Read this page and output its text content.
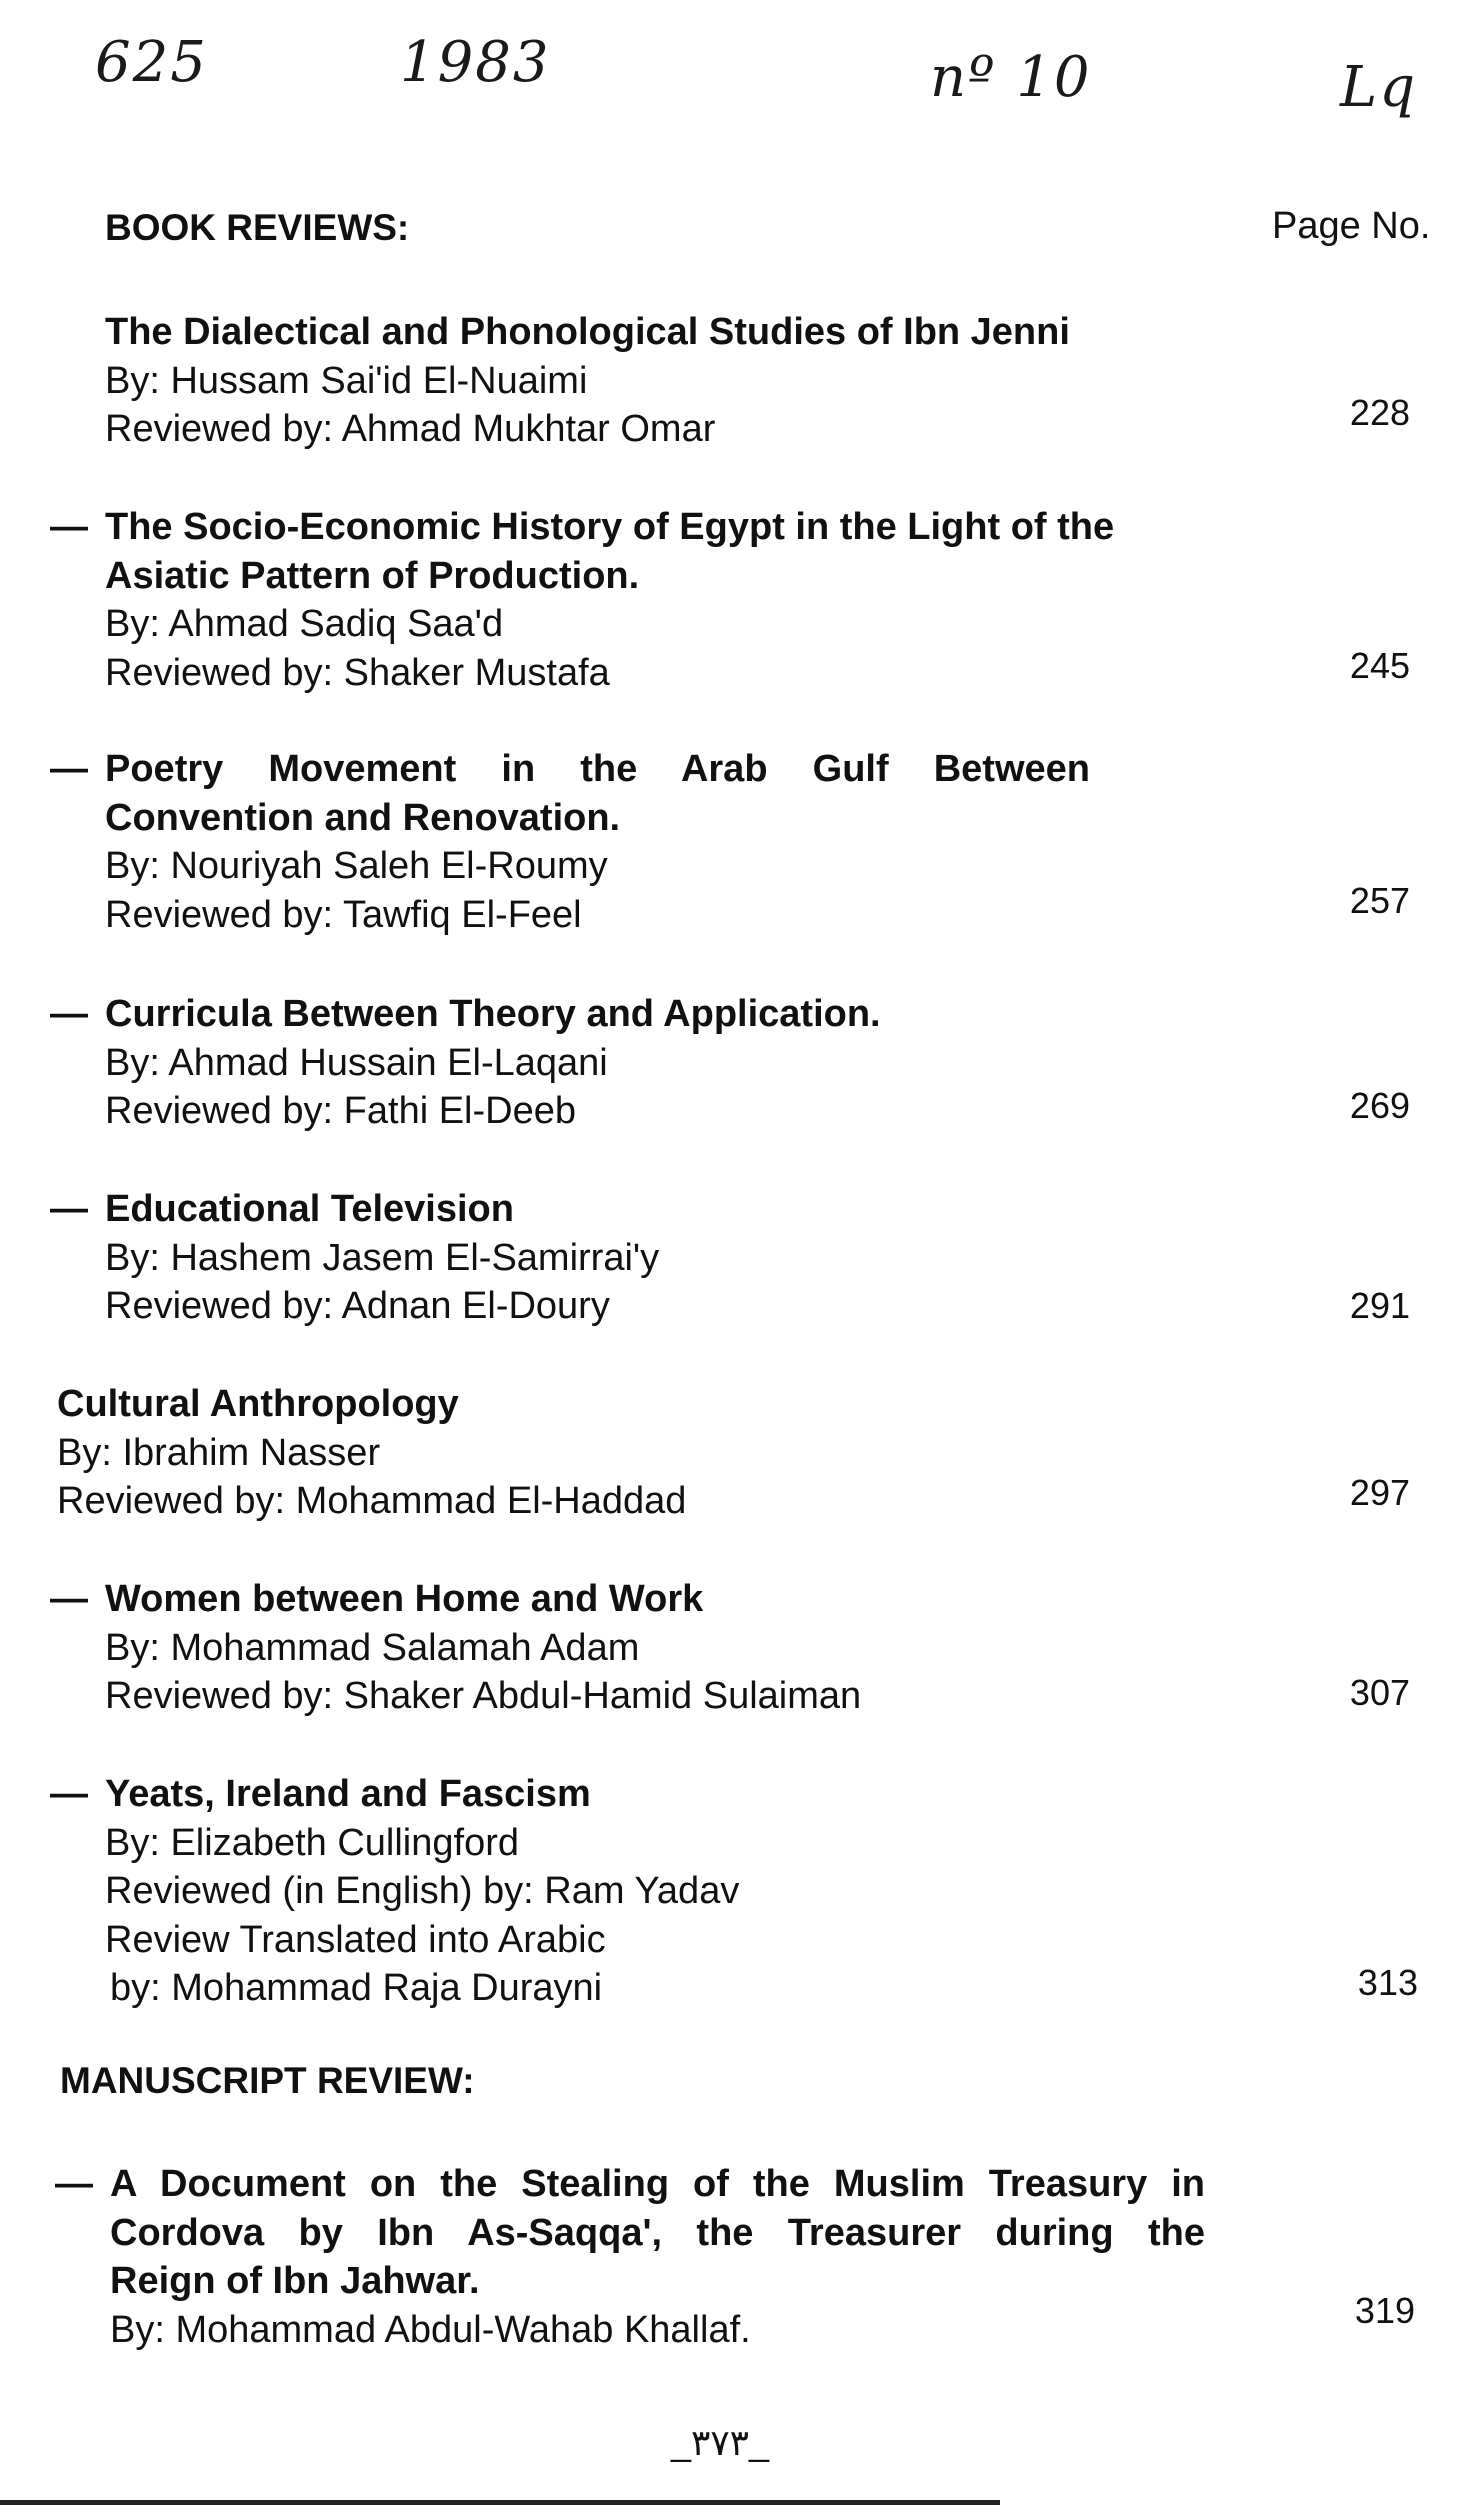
625	1983	nº 10	Lq
BOOK REVIEWS:	Page No.
The Dialectical and Phonological Studies of Ibn Jenni
By: Hussam Sai'id El-Nuaimi
Reviewed by: Ahmad Mukhtar Omar	228
— The Socio-Economic History of Egypt in the Light of the
Asiatic Pattern of Production.
By: Ahmad Sadiq Saa'd
Reviewed by: Shaker Mustafa	245
— Poetry Movement in the Arab Gulf Between
Convention and Renovation.
By: Nouriyah Saleh El-Roumy
Reviewed by: Tawfiq El-Feel	257
— Curricula Between Theory and Application.
By: Ahmad Hussain El-Laqani
Reviewed by: Fathi El-Deeb	269
— Educational Television
By: Hashem Jasem El-Samirrai'y
Reviewed by: Adnan El-Doury	291
Cultural Anthropology
By: Ibrahim Nasser
Reviewed by: Mohammad El-Haddad	297
— Women between Home and Work
By: Mohammad Salamah Adam
Reviewed by: Shaker Abdul-Hamid Sulaiman	307
— Yeats, Ireland and Fascism
By: Elizabeth Cullingford
Reviewed (in English) by: Ram Yadav
Review Translated into Arabic
by: Mohammad Raja Durayni	313
MANUSCRIPT REVIEW:
— A Document on the Stealing of the Muslim Treasury in
Cordova by Ibn As-Saqqa', the Treasurer during the
Reign of Ibn Jahwar.
By: Mohammad Abdul-Wahab Khallaf.	319
_٣٧٣_
